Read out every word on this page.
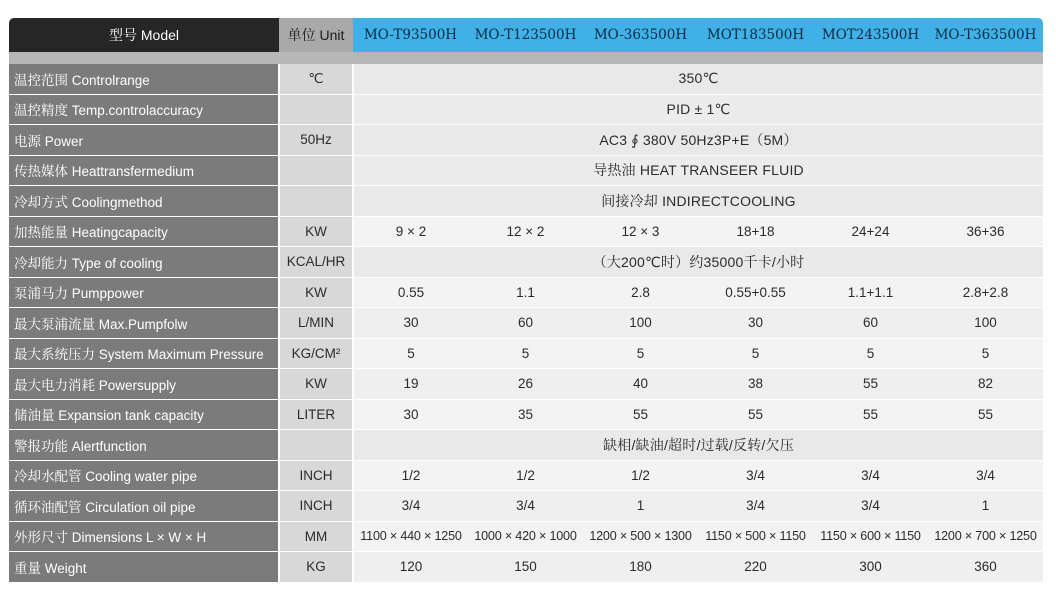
型号 Model	单位 Unit	MO-T93500H	MO-T123500H	MO-363500H	MOT183500H	MOT243500H	MO-T363500H

温控范围 Controlrange	℃	350℃					
温控精度 Temp.controlaccuracy		PID ± 1℃					
电源 Power	50Hz	AC3 ∮ 380V 50Hz3P+E（5M）					
传热媒体 Heattransfermedium		导热油 HEAT TRANSEER FLUID					
冷却方式 Coolingmethod		间接冷却 INDIRECTCOOLING					
加热能量 Heatingcapacity	KW	9 × 2	12 × 2	12 × 3	18+18	24+24	36+36
冷却能力 Type of cooling	KCAL/HR	（大200℃时）约35000千卡/小时					
泵浦马力 Pumppower	KW	0.55	1.1	2.8	0.55+0.55	1.1+1.1	2.8+2.8
最大泵浦流量 Max.Pumpfolw	L/MIN	30	60	100	30	60	100
最大系统压力 System Maximum Pressure	KG/CM²	5	5	5	5	5	5
最大电力消耗 Powersupply	KW	19	26	40	38	55	82
储油量 Expansion tank capacity	LITER	30	35	55	55	55	55
警报功能 Alertfunction		缺相/缺油/超时/过载/反转/欠压					
冷却水配管 Cooling water pipe	INCH	1/2	1/2	1/2	3/4	3/4	3/4
循环油配管 Circulation oil pipe	INCH	3/4	3/4	1	3/4	3/4	1
外形尺寸 Dimensions L × W × H	MM	1100 × 440 × 1250	1000 × 420 × 1000	1200 × 500 × 1300	1150 × 500 × 1150	1150 × 600 × 1150	1200 × 700 × 1250
重量 Weight	KG	120	150	180	220	300	360
